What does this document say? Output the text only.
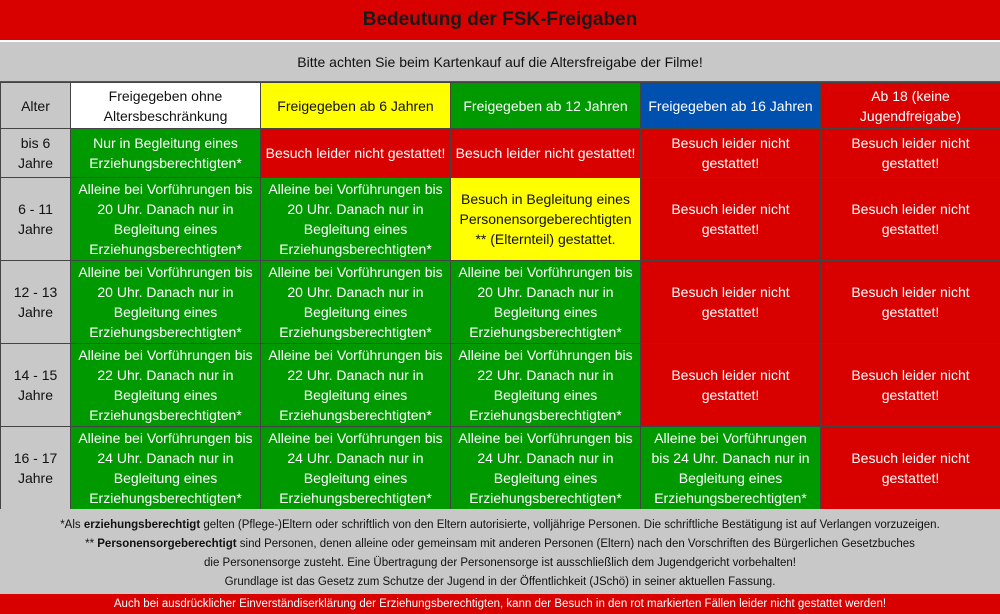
Bedeutung der FSK-Freigaben
Bitte achten Sie beim Kartenkauf auf die Altersfreigabe der Filme!
Alter	Freigegeben ohne Altersbeschränkung	Freigegeben ab 6 Jahren	Freigegeben ab 12 Jahren	Freigegeben ab 16 Jahren	Ab 18 (keine Jugendfreigabe)
bis 6 Jahre	Nur in Begleitung eines Erziehungsberechtigten*	Besuch leider nicht gestattet!	Besuch leider nicht gestattet!	Besuch leider nicht gestattet!	Besuch leider nicht gestattet!
6 - 11 Jahre	Alleine bei Vorführungen bis 20 Uhr. Danach nur in Begleitung eines Erziehungsberechtigten*	Alleine bei Vorführungen bis 20 Uhr. Danach nur in Begleitung eines Erziehungsberechtigten*	Besuch in Begleitung eines Personensorgeberechtigten ** (Elternteil) gestattet.	Besuch leider nicht gestattet!	Besuch leider nicht gestattet!
12 - 13 Jahre	Alleine bei Vorführungen bis 20 Uhr. Danach nur in Begleitung eines Erziehungsberechtigten*	Alleine bei Vorführungen bis 20 Uhr. Danach nur in Begleitung eines Erziehungsberechtigten*	Alleine bei Vorführungen bis 20 Uhr. Danach nur in Begleitung eines Erziehungsberechtigten*	Besuch leider nicht gestattet!	Besuch leider nicht gestattet!
14 - 15 Jahre	Alleine bei Vorführungen bis 22 Uhr. Danach nur in Begleitung eines Erziehungsberechtigten*	Alleine bei Vorführungen bis 22 Uhr. Danach nur in Begleitung eines Erziehungsberechtigten*	Alleine bei Vorführungen bis 22 Uhr. Danach nur in Begleitung eines Erziehungsberechtigten*	Besuch leider nicht gestattet!	Besuch leider nicht gestattet!
16 - 17 Jahre	Alleine bei Vorführungen bis 24 Uhr. Danach nur in Begleitung eines Erziehungsberechtigten*	Alleine bei Vorführungen bis 24 Uhr. Danach nur in Begleitung eines Erziehungsberechtigten*	Alleine bei Vorführungen bis 24 Uhr. Danach nur in Begleitung eines Erziehungsberechtigten*	Alleine bei Vorführungen bis 24 Uhr. Danach nur in Begleitung eines Erziehungsberechtigten*	Besuch leider nicht gestattet!

*Als erziehungsberechtigt gelten (Pflege-)Eltern oder schriftlich von den Eltern autorisierte, volljährige Personen. Die schriftliche Bestätigung ist auf Verlangen vorzuzeigen.

** Personensorgeberechtigt sind Personen, denen alleine oder gemeinsam mit anderen Personen (Eltern) nach den Vorschriften des Bürgerlichen Gesetzbuches

die Personensorge zusteht. Eine Übertragung der Personensorge ist ausschließlich dem Jugendgericht vorbehalten!

Grundlage ist das Gesetz zum Schutze der Jugend in der Öffentlichkeit (JSchö) in seiner aktuellen Fassung.

Auch bei ausdrücklicher Einverständiserklärung der Erziehungsberechtigten, kann der Besuch in den rot markierten Fällen leider nicht gestattet werden!
